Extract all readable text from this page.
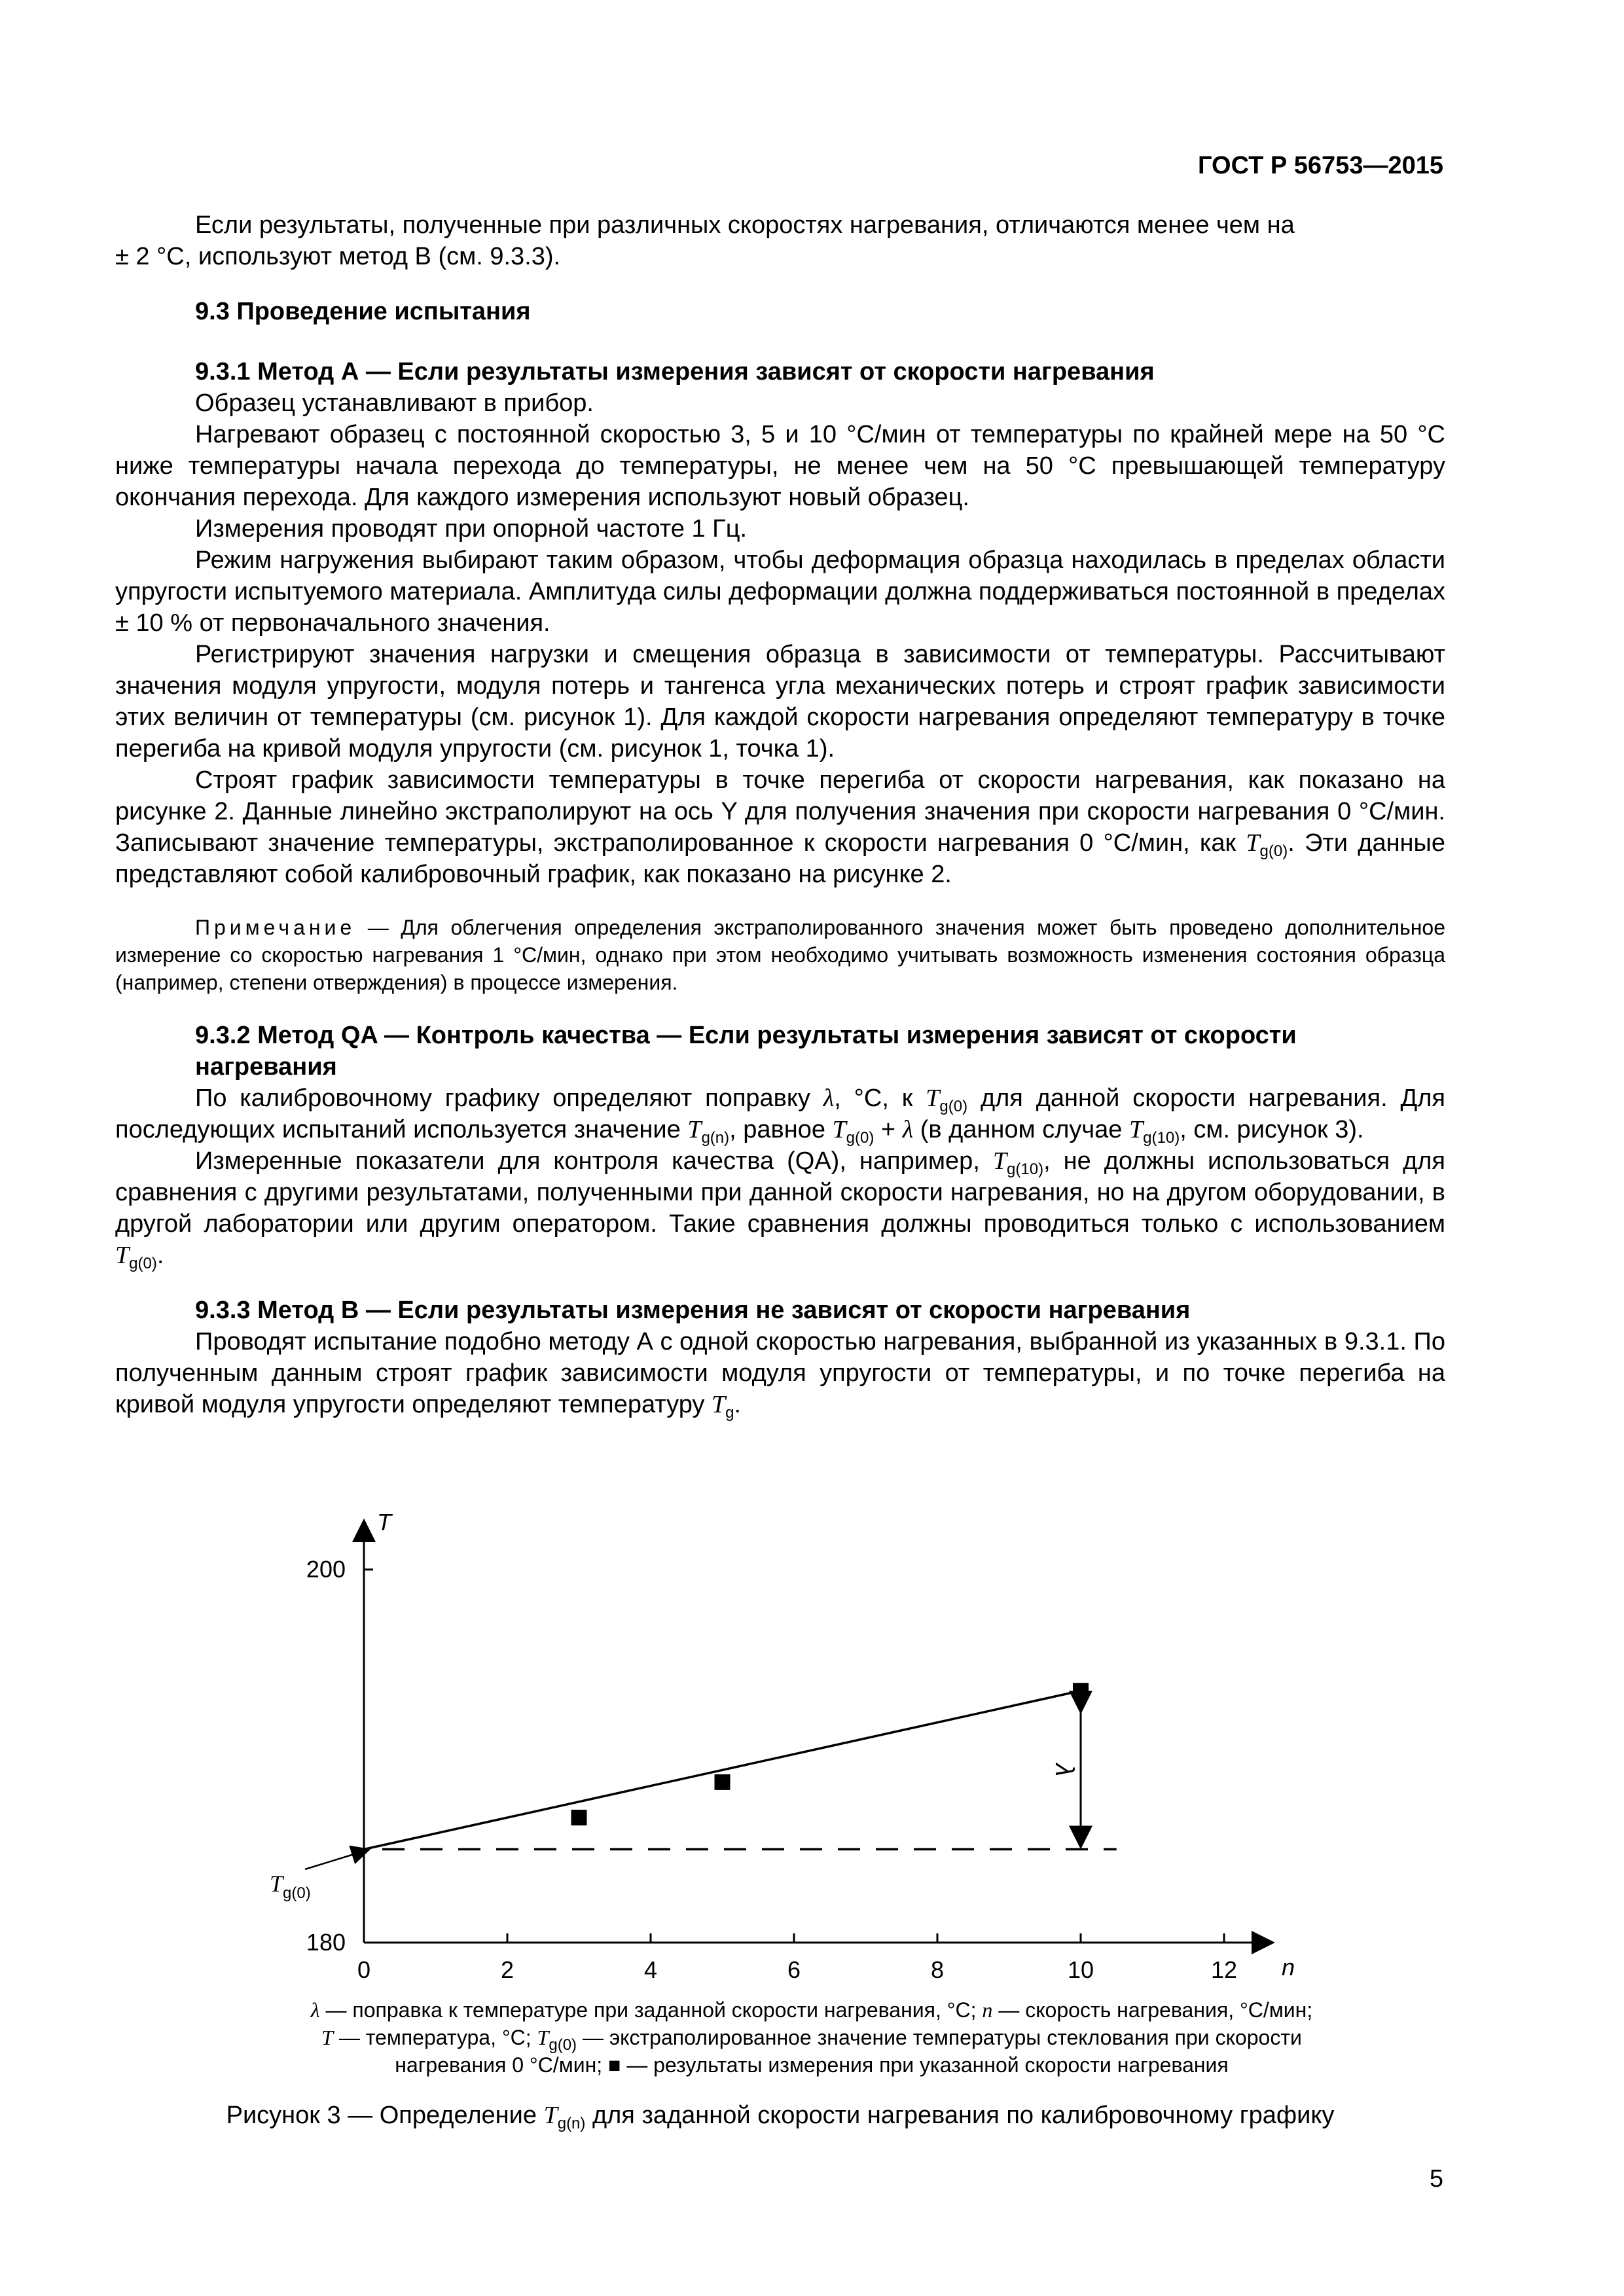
ГОСТ Р 56753—2015

Если результаты, полученные при различных скоростях нагревания, отличаются менее чем на

± 2 °C, используют метод В (см. 9.3.3).

9.3 Проведение испытания
9.3.1 Метод А — Если результаты измерения зависят от скорости нагревания

Образец устанавливают в прибор.

Нагревают образец с постоянной скоростью 3, 5 и 10 °C/мин от температуры по крайней мере на 50 °C ниже температуры начала перехода до температуры, не менее чем на 50 °C превышающей температуру окончания перехода. Для каждого измерения используют новый образец.

Измерения проводят при опорной частоте 1 Гц.

Режим нагружения выбирают таким образом, чтобы деформация образца находилась в пределах области упругости испытуемого материала. Амплитуда силы деформации должна поддерживаться постоянной в пределах ± 10 % от первоначального значения.

Регистрируют значения нагрузки и смещения образца в зависимости от температуры. Рассчитывают значения модуля упругости, модуля потерь и тангенса угла механических потерь и строят график зависимости этих величин от температуры (см. рисунок 1). Для каждой скорости нагревания определяют температуру в точке перегиба на кривой модуля упругости (см. рисунок 1, точка 1).

Строят график зависимости температуры в точке перегиба от скорости нагревания, как показано на рисунке 2. Данные линейно экстраполируют на ось Y для получения значения при скорости нагревания 0 °C/мин. Записывают значение температуры, экстраполированное к скорости нагревания 0 °C/мин, как $T_{g(0)}$. Эти данные представляют собой калибровочный график, как показано на рисунке 2.

Примечание — Для облегчения определения экстраполированного значения может быть проведено дополнительное измерение со скоростью нагревания 1 °C/мин, однако при этом необходимо учитывать возможность изменения состояния образца (например, степени отверждения) в процессе измерения.

9.3.2 Метод QA — Контроль качества — Если результаты измерения зависят от скорости нагревания

По калибровочному графику определяют поправку λ, °C, к $T_{g(0)}$ для данной скорости нагревания. Для последующих испытаний используется значение $T_{g(n)}$, равное $T_{g(0)} + \lambda$ (в данном случае $T_{g(10)}$, см. рисунок 3).

Измеренные показатели для контроля качества (QA), например, $T_{g(10)}$, не должны использоваться для сравнения с другими результатами, полученными при данной скорости нагревания, но на другом оборудовании, в другой лаборатории или другим оператором. Такие сравнения должны проводиться только с использованием $T_{g(0)}$.

9.3.3 Метод В — Если результаты измерения не зависят от скорости нагревания

Проводят испытание подобно методу А с одной скоростью нагревания, выбранной из указанных в 9.3.1. По полученным данным строят график зависимости модуля упругости от температуры, и по точке перегиба на кривой модуля упругости определяют температуру $T_g$.

0	2	4	6	8	10	12
180
200
n
T
λ
$T_{g(0)}$
λ — поправка к температуре при заданной скорости нагревания, °C; n — скорость нагревания, °C/мин;
T — температура, °C; $T_{g(0)}$ — экстраполированное значение температуры стеклования при скорости
нагревания 0 °C/мин; ■ — результаты измерения при указанной скорости нагревания
Рисунок 3 — Определение $T_{g(n)}$ для заданной скорости нагревания по калибровочному графику
5
